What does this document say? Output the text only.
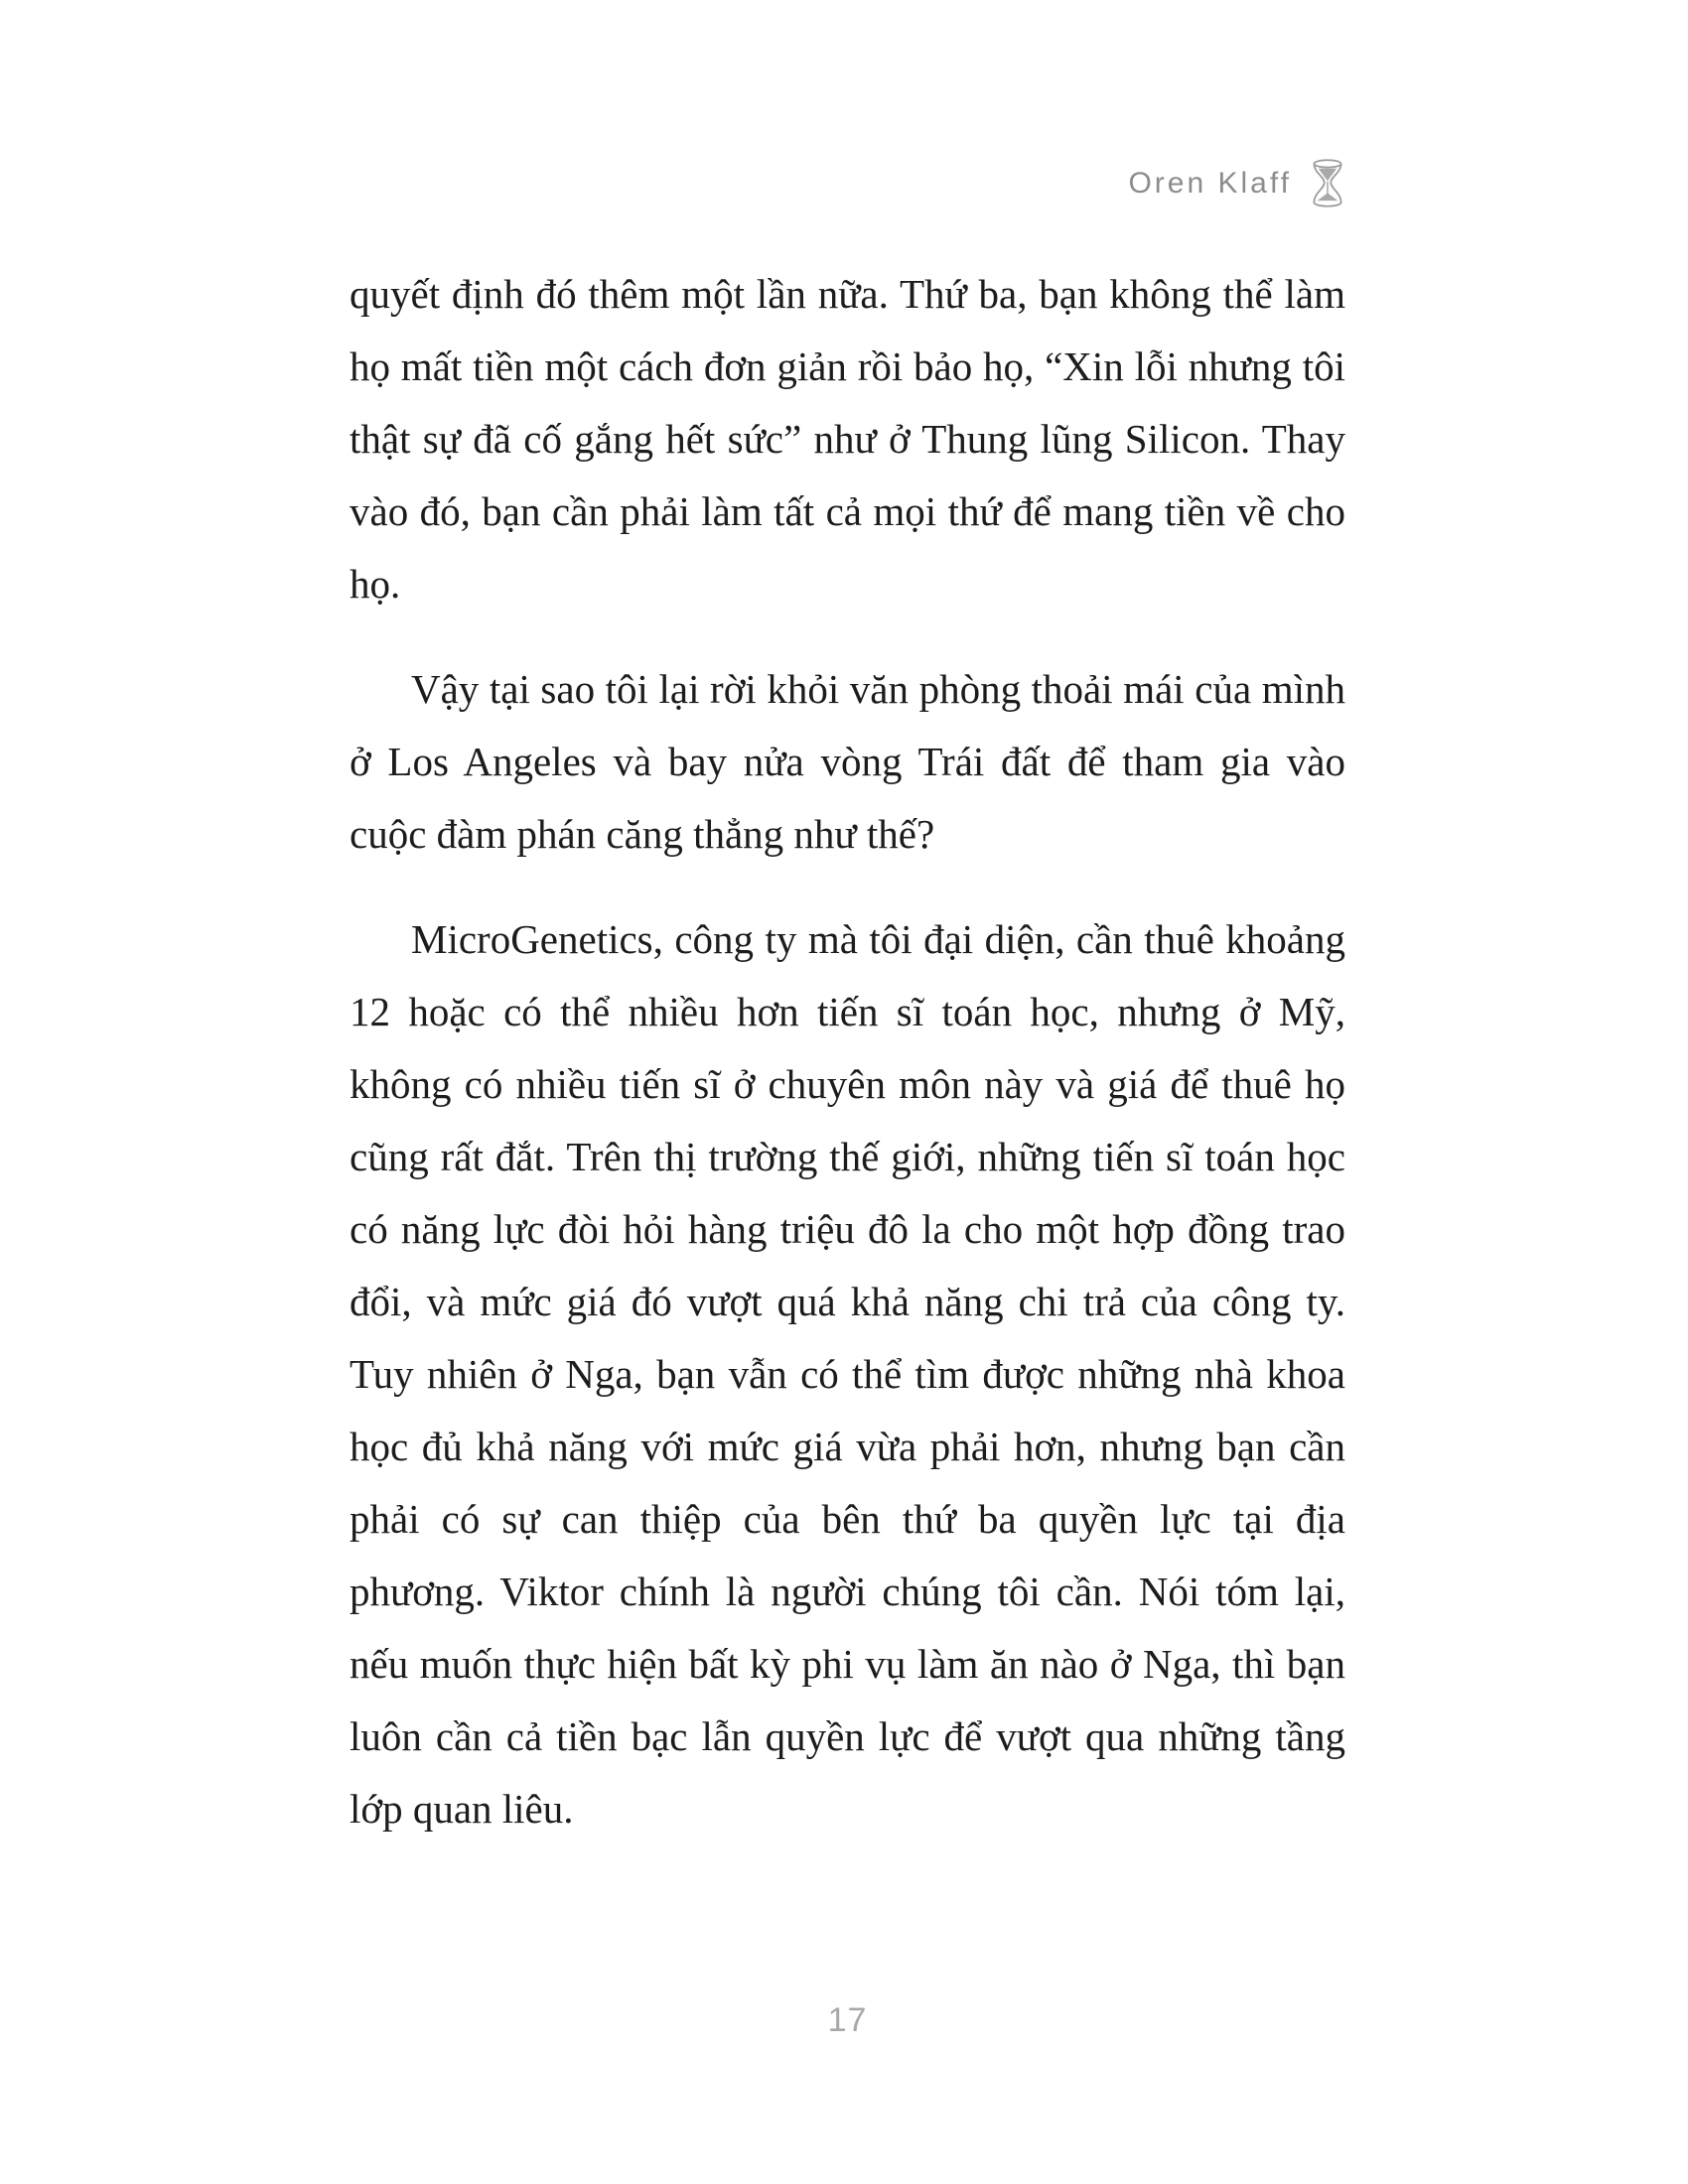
Oren Klaff

quyết định đó thêm một lần nữa. Thứ ba, bạn không thể làm họ mất tiền một cách đơn giản rồi bảo họ, “Xin lỗi nhưng tôi thật sự đã cố gắng hết sức” như ở Thung lũng Silicon. Thay vào đó, bạn cần phải làm tất cả mọi thứ để mang tiền về cho họ.

Vậy tại sao tôi lại rời khỏi văn phòng thoải mái của mình ở Los Angeles và bay nửa vòng Trái đất để tham gia vào cuộc đàm phán căng thẳng như thế?

MicroGenetics, công ty mà tôi đại diện, cần thuê khoảng 12 hoặc có thể nhiều hơn tiến sĩ toán học, nhưng ở Mỹ, không có nhiều tiến sĩ ở chuyên môn này và giá để thuê họ cũng rất đắt. Trên thị trường thế giới, những tiến sĩ toán học có năng lực đòi hỏi hàng triệu đô la cho một hợp đồng trao đổi, và mức giá đó vượt quá khả năng chi trả của công ty. Tuy nhiên ở Nga, bạn vẫn có thể tìm được những nhà khoa học đủ khả năng với mức giá vừa phải hơn, nhưng bạn cần phải có sự can thiệp của bên thứ ba quyền lực tại địa phương. Viktor chính là người chúng tôi cần. Nói tóm lại, nếu muốn thực hiện bất kỳ phi vụ làm ăn nào ở Nga, thì bạn luôn cần cả tiền bạc lẫn quyền lực để vượt qua những tầng lớp quan liêu.

17
